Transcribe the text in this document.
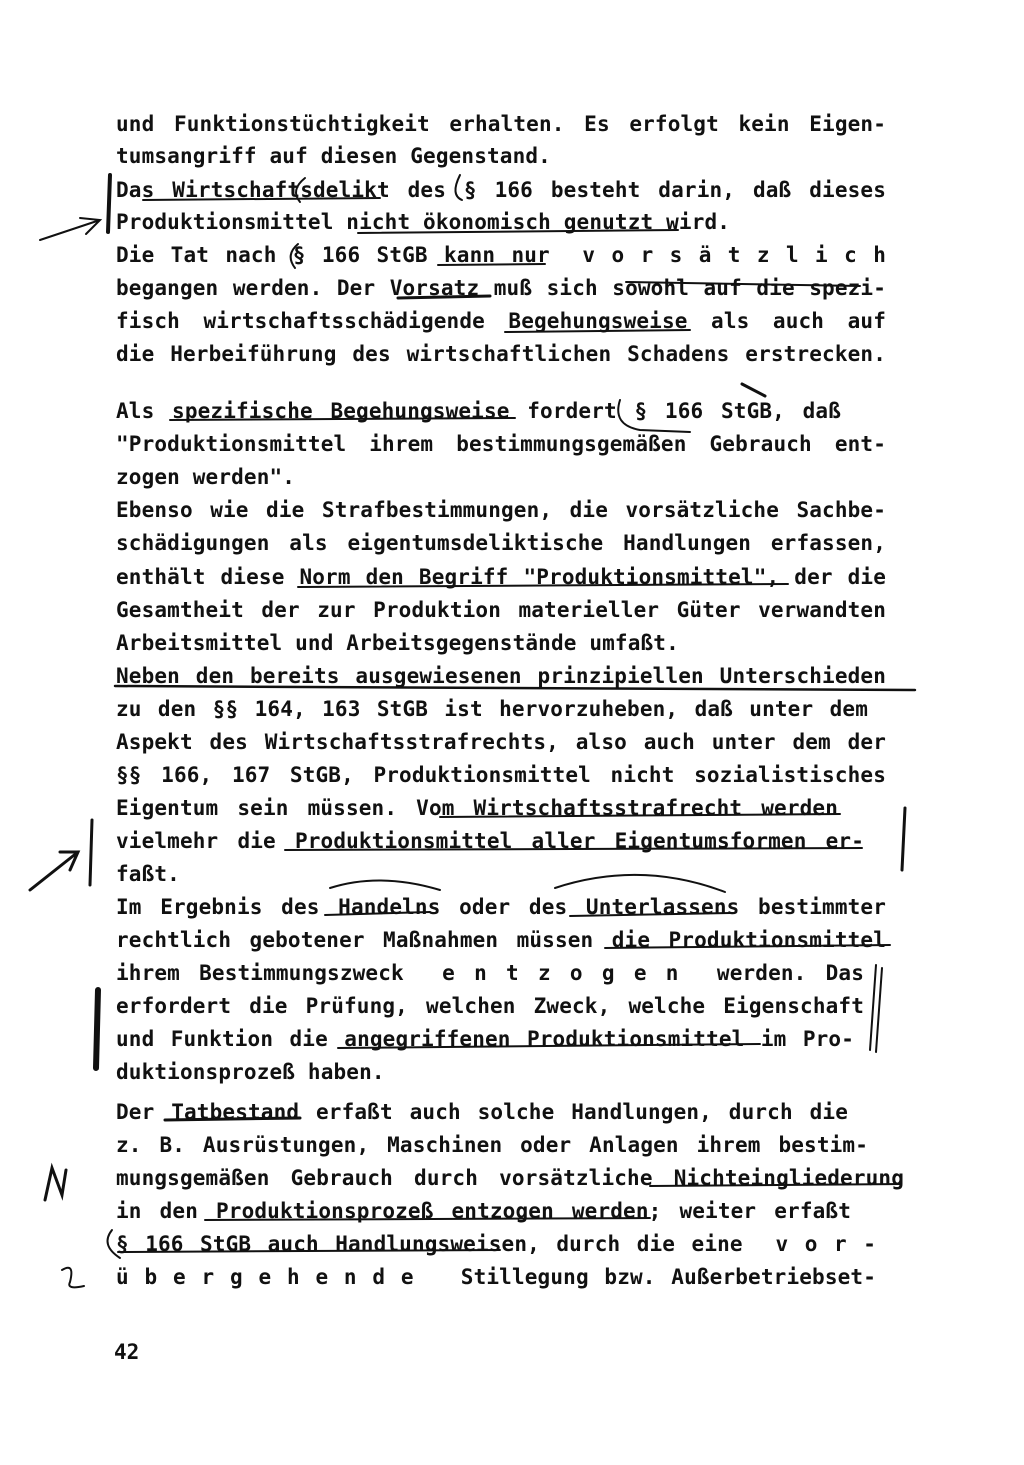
und Funktionstüchtigkeit erhalten. Es erfolgt kein Eigen-
tumsangriff auf diesen Gegenstand.
Das Wirtschaftsdelikt des § 166 besteht darin, daß dieses
Produktionsmittel nicht ökonomisch genutzt wird.
Die Tat nach § 166 StGB kann nur  v o r s ä t z l i c h
begangen werden. Der Vorsatz muß sich sowohl auf die spezi-
fisch wirtschaftsschädigende Begehungsweise als auch auf
die Herbeiführung des wirtschaftlichen Schadens erstrecken.
Als spezifische Begehungsweise fordert § 166 StGB, daß
"Produktionsmittel ihrem bestimmungsgemäßen Gebrauch ent-
zogen werden".
Ebenso wie die Strafbestimmungen, die vorsätzliche Sachbe-
schädigungen als eigentumsdeliktische Handlungen erfassen,
enthält diese Norm den Begriff "Produktionsmittel", der die
Gesamtheit der zur Produktion materieller Güter verwandten
Arbeitsmittel und Arbeitsgegenstände umfaßt.
Neben den bereits ausgewiesenen prinzipiellen Unterschieden
zu den §§ 164, 163 StGB ist hervorzuheben, daß unter dem
Aspekt des Wirtschaftsstrafrechts, also auch unter dem der
§§ 166, 167 StGB, Produktionsmittel nicht sozialistisches
Eigentum sein müssen. Vom Wirtschaftsstrafrecht werden
vielmehr die Produktionsmittel aller Eigentumsformen er-
faßt.
Im Ergebnis des Handelns oder des Unterlassens bestimmter
rechtlich gebotener Maßnahmen müssen die Produktionsmittel
ihrem Bestimmungszweck  e n t z o g e n  werden. Das
erfordert die Prüfung, welchen Zweck, welche Eigenschaft
und Funktion die angegriffenen Produktionsmittel im Pro-
duktionsprozeß haben.
Der Tatbestand erfaßt auch solche Handlungen, durch die
z. B. Ausrüstungen, Maschinen oder Anlagen ihrem bestim-
mungsgemäßen Gebrauch durch vorsätzliche Nichteingliederung
in den Produktionsprozeß entzogen werden; weiter erfaßt
§ 166 StGB auch Handlungsweisen, durch die eine  v o r -
ü b e r g e h e n d e   Stillegung bzw. Außerbetriebset-
42
